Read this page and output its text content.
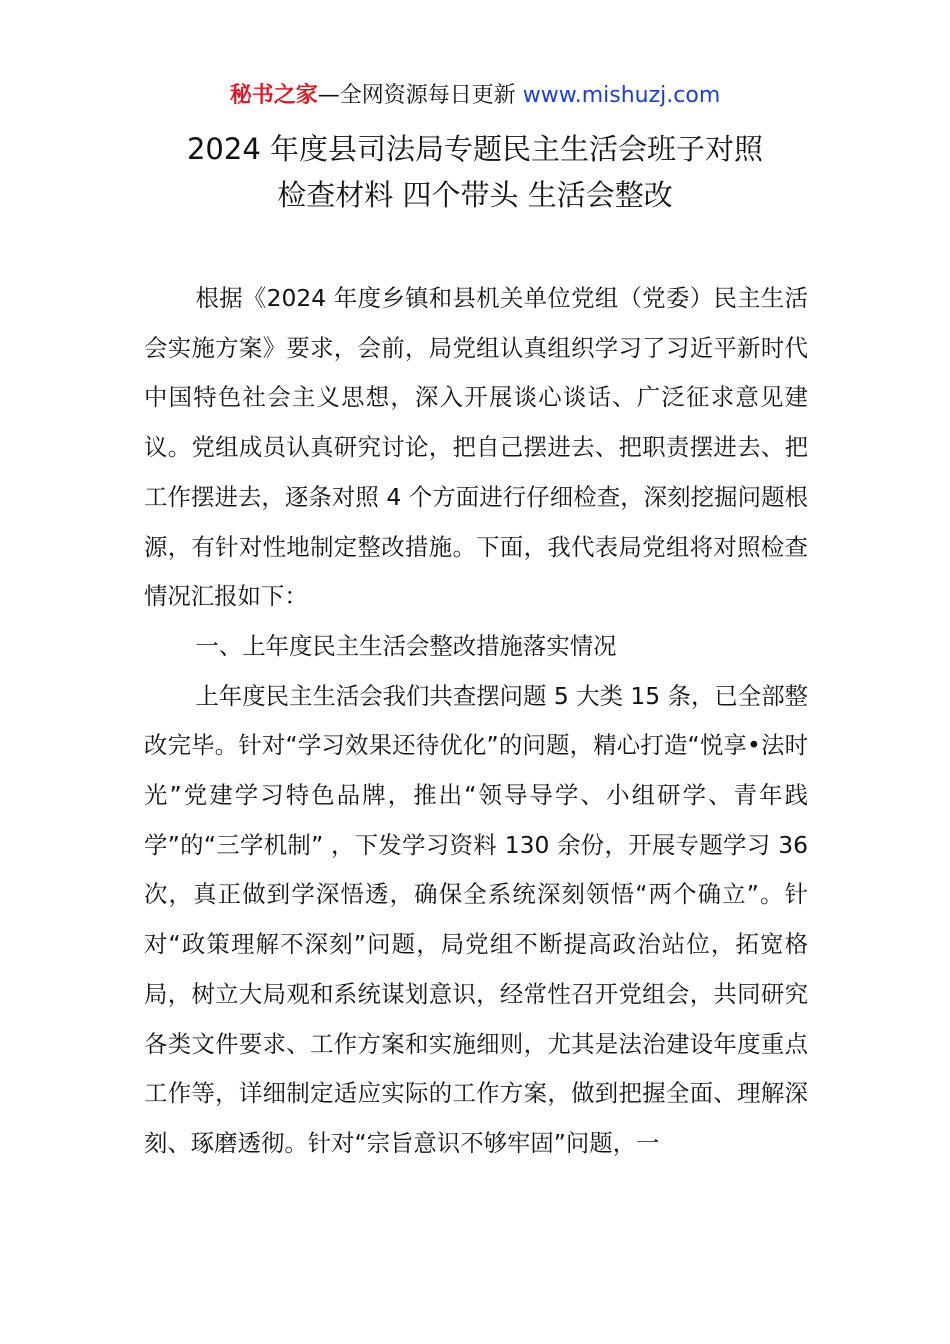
秘书之家—全网资源每日更新 www.mishuzj.com
2024 年度县司法局专题民主生活会班子对照
检查材料 四个带头 生活会整改

根据《2024 年度乡镇和县机关单位党组（党委）民主生活会实施方案》要求，会前，局党组认真组织学习了习近平新时代中国特色社会主义思想，深入开展谈心谈话、广泛征求意见建议。党组成员认真研究讨论，把自己摆进去、把职责摆进去、把工作摆进去，逐条对照 4 个方面进行仔细检查，深刻挖掘问题根源，有针对性地制定整改措施。下面，我代表局党组将对照检查情况汇报如下：

一、上年度民主生活会整改措施落实情况

上年度民主生活会我们共查摆问题 5 大类 15 条，已全部整改完毕。针对“学习效果还待优化”的问题，精心打造“悦享•法时光”党建学习特色品牌，推出“领导导学、小组研学、青年践学”的“三学机制” ，下发学习资料 130 余份，开展专题学习 36 次，真正做到学深悟透，确保全系统深刻领悟“两个确立”。针对“政策理解不深刻”问题，局党组不断提高政治站位，拓宽格局，树立大局观和系统谋划意识，经常性召开党组会，共同研究各类文件要求、工作方案和实施细则，尤其是法治建设年度重点工作等，详细制定适应实际的工作方案，做到把握全面、理解深刻、琢磨透彻。针对“宗旨意识不够牢固”问题，一
